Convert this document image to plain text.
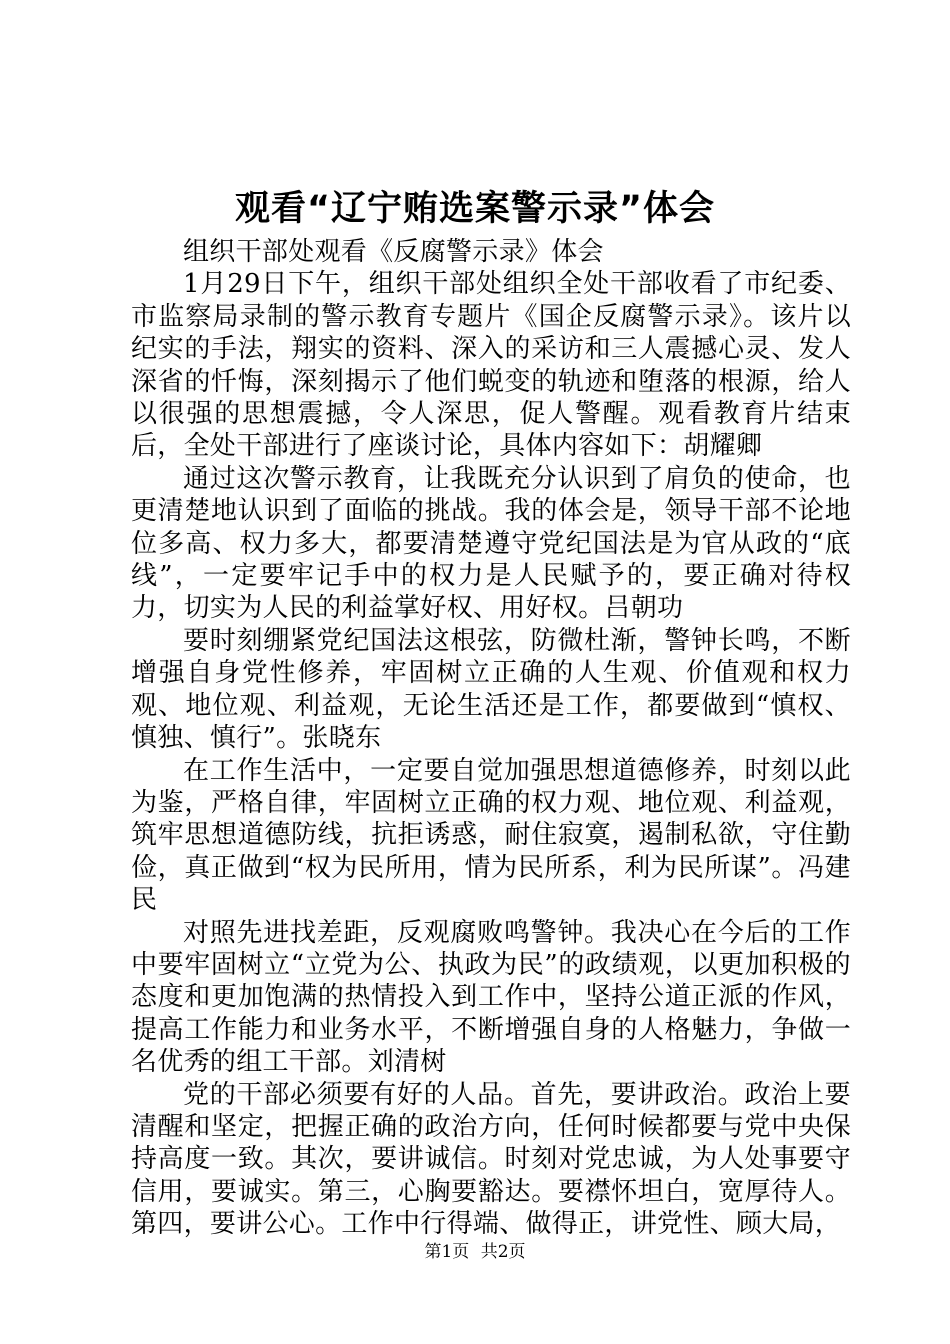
观看“辽宁贿选案警示录”体会

组织干部处观看《反腐警示录》体会

1月29日下午，组织干部处组织全处干部收看了市纪委、市监察局录制的警示教育专题片《国企反腐警示录》。该片以纪实的手法，翔实的资料、深入的采访和三人震撼心灵、发人深省的忏悔，深刻揭示了他们蜕变的轨迹和堕落的根源，给人以很强的思想震撼，令人深思，促人警醒。观看教育片结束后，全处干部进行了座谈讨论，具体内容如下：胡耀卿

通过这次警示教育，让我既充分认识到了肩负的使命，也更清楚地认识到了面临的挑战。我的体会是，领导干部不论地位多高、权力多大，都要清楚遵守党纪国法是为官从政的“底线”，一定要牢记手中的权力是人民赋予的，要正确对待权力，切实为人民的利益掌好权、用好权。吕朝功

要时刻绷紧党纪国法这根弦，防微杜渐，警钟长鸣，不断增强自身党性修养，牢固树立正确的人生观、价值观和权力观、地位观、利益观，无论生活还是工作，都要做到“慎权、慎独、慎行”。张晓东

在工作生活中，一定要自觉加强思想道德修养，时刻以此为鉴，严格自律，牢固树立正确的权力观、地位观、利益观，筑牢思想道德防线，抗拒诱惑，耐住寂寞，遏制私欲，守住勤俭，真正做到“权为民所用，情为民所系，利为民所谋”。冯建民

对照先进找差距，反观腐败鸣警钟。我决心在今后的工作中要牢固树立“立党为公、执政为民”的政绩观，以更加积极的态度和更加饱满的热情投入到工作中，坚持公道正派的作风，提高工作能力和业务水平，不断增强自身的人格魅力，争做一名优秀的组工干部。刘清树

党的干部必须要有好的人品。首先，要讲政治。政治上要清醒和坚定，把握正确的政治方向，任何时候都要与党中央保持高度一致。其次，要讲诚信。时刻对党忠诚，为人处事要守信用，要诚实。第三，心胸要豁达。要襟怀坦白，宽厚待人。第四，要讲公心。工作中行得端、做得正，讲党性、顾大局，

第1页 共2页
